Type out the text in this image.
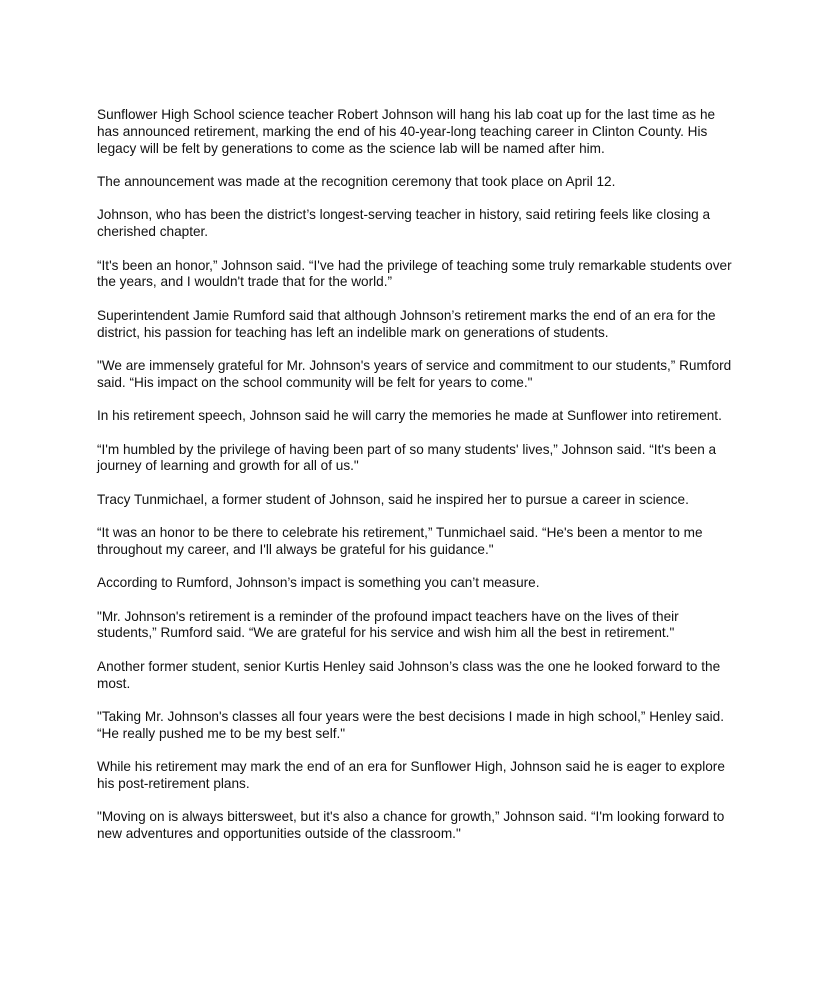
Sunflower High School science teacher Robert Johnson will hang his lab coat up for the last time as he has announced retirement, marking the end of his 40-year-long teaching career in Clinton County. His legacy will be felt by generations to come as the science lab will be named after him.

The announcement was made at the recognition ceremony that took place on April 12.

Johnson, who has been the district’s longest-serving teacher in history, said retiring feels like closing a cherished chapter.

“It's been an honor,” Johnson said. “I've had the privilege of teaching some truly remarkable students over the years, and I wouldn't trade that for the world.”

Superintendent Jamie Rumford said that although Johnson’s retirement marks the end of an era for the district, his passion for teaching has left an indelible mark on generations of students.

"We are immensely grateful for Mr. Johnson's years of service and commitment to our students,” Rumford said. “His impact on the school community will be felt for years to come."

In his retirement speech, Johnson said he will carry the memories he made at Sunflower into retirement.

“I'm humbled by the privilege of having been part of so many students' lives,” Johnson said. “It's been a journey of learning and growth for all of us."

Tracy Tunmichael, a former student of Johnson, said he inspired her to pursue a career in science.

“It was an honor to be there to celebrate his retirement,” Tunmichael said. “He's been a mentor to me throughout my career, and I'll always be grateful for his guidance."

According to Rumford, Johnson’s impact is something you can’t measure.

"Mr. Johnson's retirement is a reminder of the profound impact teachers have on the lives of their students,” Rumford said. “We are grateful for his service and wish him all the best in retirement."

Another former student, senior Kurtis Henley said Johnson’s class was the one he looked forward to the most.

"Taking Mr. Johnson's classes all four years were the best decisions I made in high school,” Henley said. “He really pushed me to be my best self."

While his retirement may mark the end of an era for Sunflower High, Johnson said he is eager to explore his post-retirement plans.

"Moving on is always bittersweet, but it's also a chance for growth,” Johnson said. “I'm looking forward to new adventures and opportunities outside of the classroom."
